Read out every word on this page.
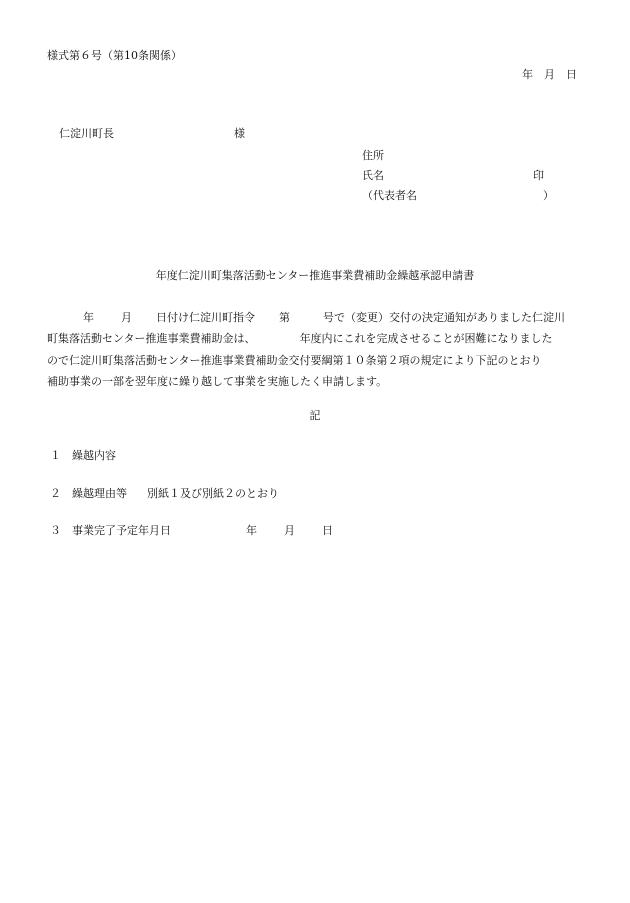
様式第６号（第10条関係）
年　月　日
仁淀川町長	様
住所
氏名	印
（代表者名	）
年度仁淀川町集落活動センター推進事業費補助金繰越承認申請書

年 月 日付け仁淀川町指令 第	号で（変更）交付の決定通知がありました仁淀川

町集落活動センター推進事業費補助金は、	年度内にこれを完成させることが困難になりました

ので仁淀川町集落活動センター推進事業費補助金交付要綱第１０条第２項の規定により下記のとおり

補助事業の一部を翌年度に繰り越して事業を実施したく申請します。

記
１ 繰越内容
２ 繰越理由等 別紙１及び別紙２のとおり
３ 事業完了予定年月日	年 月 日
